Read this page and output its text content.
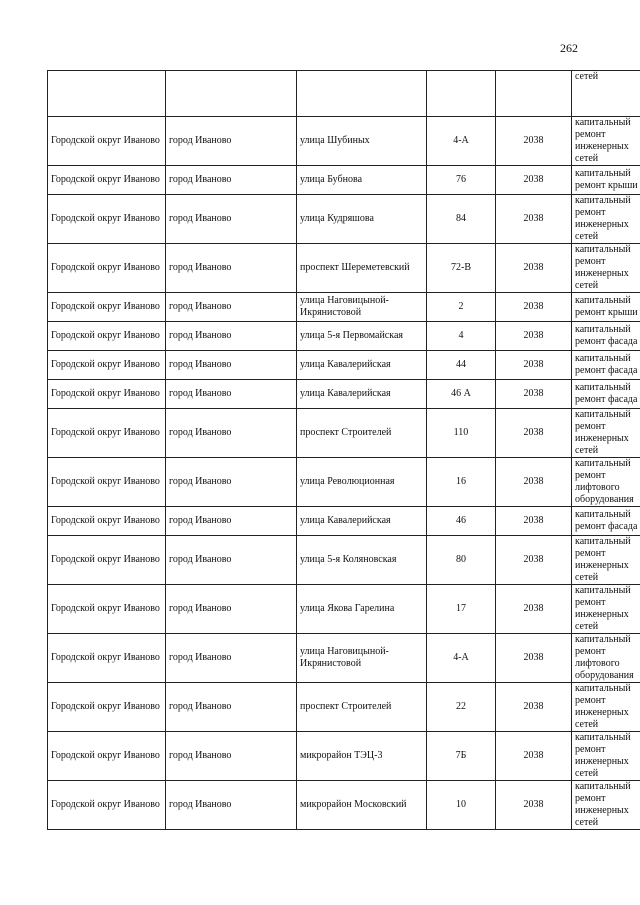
262
					сетей
Городской округ Иваново	город Иваново	улица Шубиных	4-А	2038	капитальный ремонт инженерных сетей
Городской округ Иваново	город Иваново	улица Бубнова	76	2038	капитальный ремонт крыши
Городской округ Иваново	город Иваново	улица Кудряшова	84	2038	капитальный ремонт инженерных сетей
Городской округ Иваново	город Иваново	проспект Шереметевский	72-В	2038	капитальный ремонт инженерных сетей
Городской округ Иваново	город Иваново	улица Наговицыной-Икрянистовой	2	2038	капитальный ремонт крыши
Городской округ Иваново	город Иваново	улица 5-я Первомайская	4	2038	капитальный ремонт фасада
Городской округ Иваново	город Иваново	улица Кавалерийская	44	2038	капитальный ремонт фасада
Городской округ Иваново	город Иваново	улица Кавалерийская	46 А	2038	капитальный ремонт фасада
Городской округ Иваново	город Иваново	проспект Строителей	110	2038	капитальный ремонт инженерных сетей
Городской округ Иваново	город Иваново	улица Революционная	16	2038	капитальный ремонт лифтового оборудования
Городской округ Иваново	город Иваново	улица Кавалерийская	46	2038	капитальный ремонт фасада
Городской округ Иваново	город Иваново	улица 5-я Коляновская	80	2038	капитальный ремонт инженерных сетей
Городской округ Иваново	город Иваново	улица Якова Гарелина	17	2038	капитальный ремонт инженерных сетей
Городской округ Иваново	город Иваново	улица Наговицыной-Икрянистовой	4-А	2038	капитальный ремонт лифтового оборудования
Городской округ Иваново	город Иваново	проспект Строителей	22	2038	капитальный ремонт инженерных сетей
Городской округ Иваново	город Иваново	микрорайон ТЭЦ-3	7Б	2038	капитальный ремонт инженерных сетей
Городской округ Иваново	город Иваново	микрорайон Московский	10	2038	капитальный ремонт инженерных сетей
